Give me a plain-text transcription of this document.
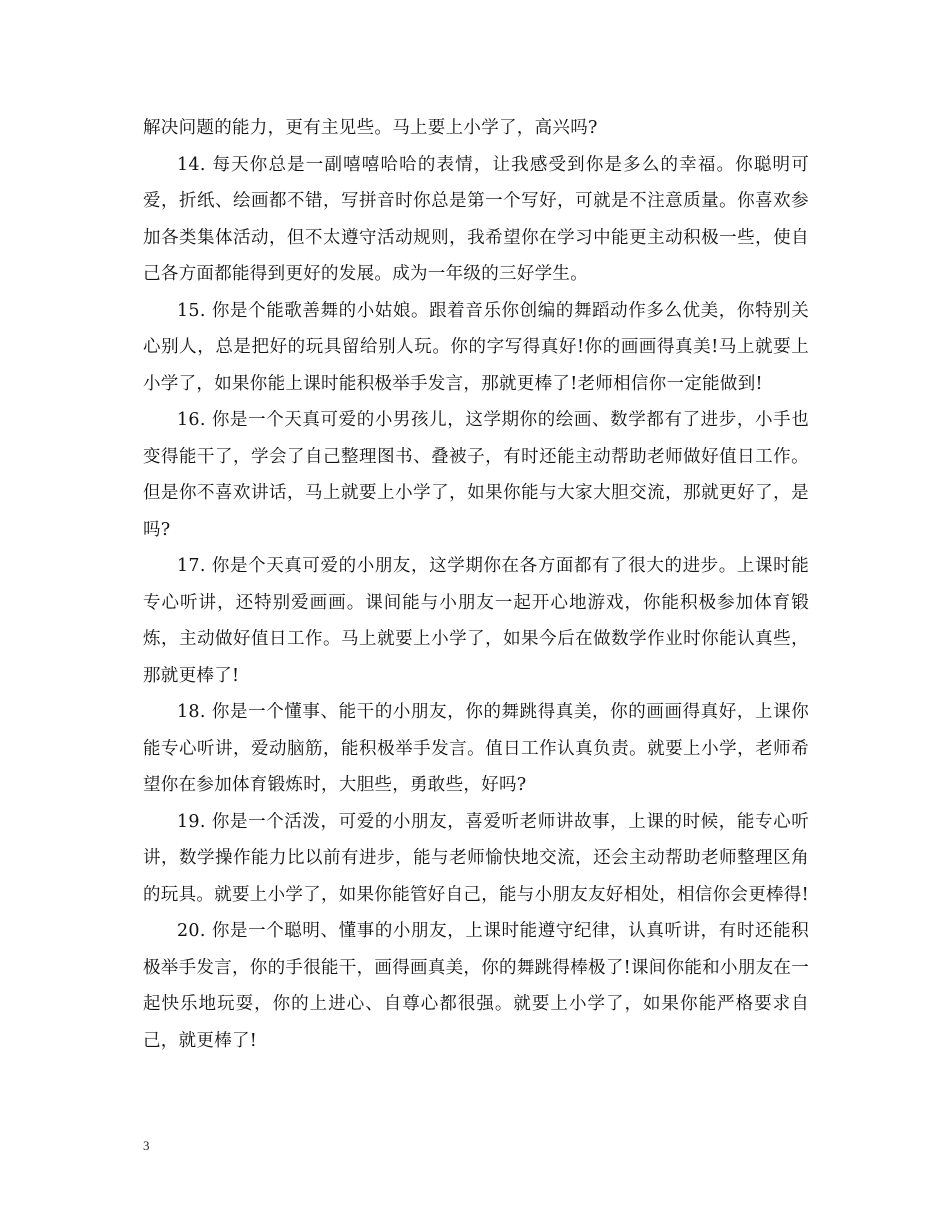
解决问题的能力，更有主见些。马上要上小学了，高兴吗?

14. 每天你总是一副嘻嘻哈哈的表情，让我感受到你是多么的幸福。你聪明可爱，折纸、绘画都不错，写拼音时你总是第一个写好，可就是不注意质量。你喜欢参加各类集体活动，但不太遵守活动规则，我希望你在学习中能更主动积极一些，使自己各方面都能得到更好的发展。成为一年级的三好学生。

15. 你是个能歌善舞的小姑娘。跟着音乐你创编的舞蹈动作多么优美，你特别关心别人，总是把好的玩具留给别人玩。你的字写得真好!你的画画得真美!马上就要上小学了，如果你能上课时能积极举手发言，那就更棒了!老师相信你一定能做到!

16. 你是一个天真可爱的小男孩儿，这学期你的绘画、数学都有了进步，小手也变得能干了，学会了自己整理图书、叠被子，有时还能主动帮助老师做好值日工作。但是你不喜欢讲话，马上就要上小学了，如果你能与大家大胆交流，那就更好了，是吗?

17. 你是个天真可爱的小朋友，这学期你在各方面都有了很大的进步。上课时能专心听讲，还特别爱画画。课间能与小朋友一起开心地游戏，你能积极参加体育锻炼，主动做好值日工作。马上就要上小学了，如果今后在做数学作业时你能认真些，那就更棒了!

18. 你是一个懂事、能干的小朋友，你的舞跳得真美，你的画画得真好，上课你能专心听讲，爱动脑筋，能积极举手发言。值日工作认真负责。就要上小学，老师希望你在参加体育锻炼时，大胆些，勇敢些，好吗?

19. 你是一个活泼，可爱的小朋友，喜爱听老师讲故事，上课的时候，能专心听讲，数学操作能力比以前有进步，能与老师愉快地交流，还会主动帮助老师整理区角的玩具。就要上小学了，如果你能管好自己，能与小朋友友好相处，相信你会更棒得!

20. 你是一个聪明、懂事的小朋友，上课时能遵守纪律，认真听讲，有时还能积极举手发言，你的手很能干，画得画真美，你的舞跳得棒极了!课间你能和小朋友在一起快乐地玩耍，你的上进心、自尊心都很强。就要上小学了，如果你能严格要求自己，就更棒了!

3
